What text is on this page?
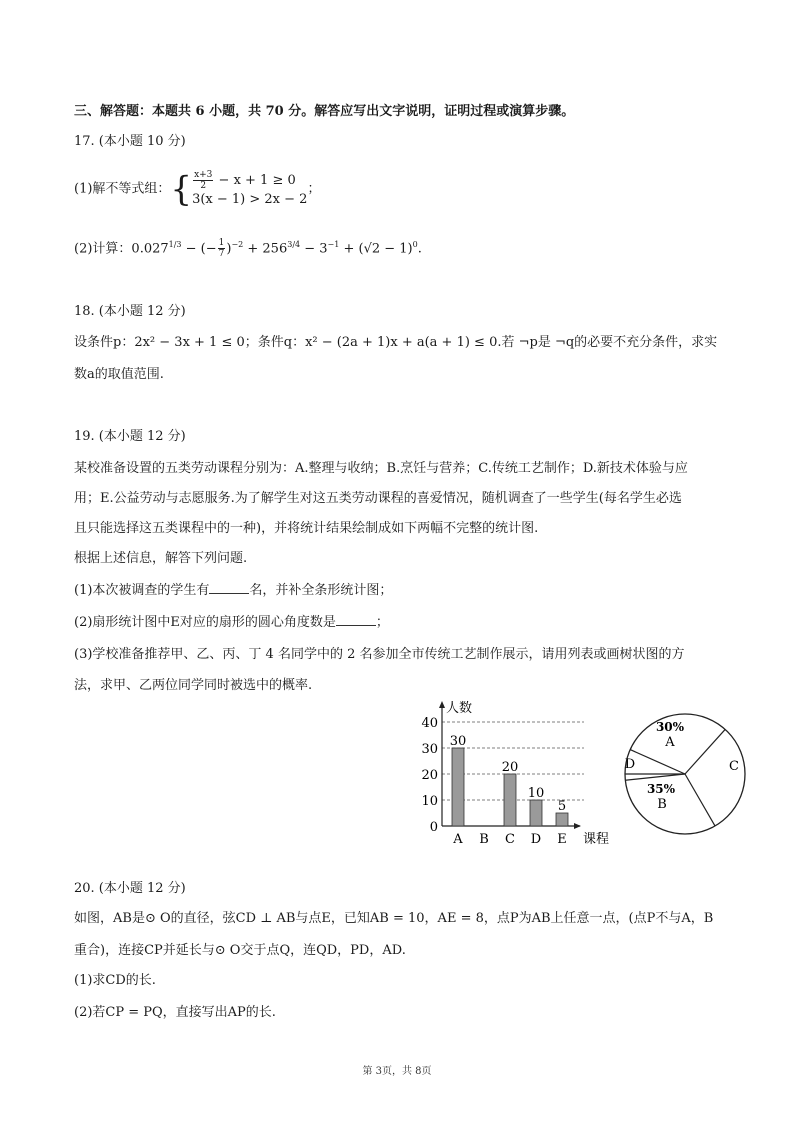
三、解答题：本题共 6 小题，共 70 分。解答应写出文字说明，证明过程或演算步骤。
17. (本小题 10 分)
(1)解不等式组：{ $\frac{x+3}{2} - x + 1 \ge 0$
3(x − 1) > 2x − 2
；
(2)计算：$0.027^{1/3}$ − (− $\frac{1}{7} )^{-2} + 256^{3/4} - 3^{-1} + (√2 - 1)^0$.
18. (本小题 12 分)
设条件p：2x² − 3x + 1 ≤ 0；条件q：x² − (2a + 1)x + a(a + 1) ≤ 0.若 ¬p是 ¬q的必要不充分条件，求实
数a的取值范围.
19. (本小题 12 分)
某校准备设置的五类劳动课程分别为：A.整理与收纳；B.烹饪与营养；C.传统工艺制作；D.新技术体验与应
用；E.公益劳动与志愿服务.为了解学生对这五类劳动课程的喜爱情况，随机调查了一些学生(每名学生必选
且只能选择这五类课程中的一种)，并将统计结果绘制成如下两幅不完整的统计图.
根据上述信息，解答下列问题.
(1)本次被调查的学生有	名，并补全条形统计图；
(2)扇形统计图中E对应的扇形的圆心角度数是	；
(3)学校准备推荐甲、乙、丙、丁 4 名同学中的 2 名参加全市传统工艺制作展示，请用列表或画树状图的方
法，求甲、乙两位同学同时被选中的概率.
0
10
20
30
40
人数
课程
A
30
B C
20
D
10
E
5
A
30%
C
B
35%
D
20. (本小题 12 分)
如图，AB是⊙ O的直径，弦CD ⊥ AB与点E，已知AB = 10，AE = 8，点P为AB上任意一点，(点P不与A，B
重合)，连接CP并延长与⊙ O交于点Q，连QD，PD，AD.
(1)求CD的长.
(2)若CP = PQ，直接写出AP的长.
第 3页，共 8页
